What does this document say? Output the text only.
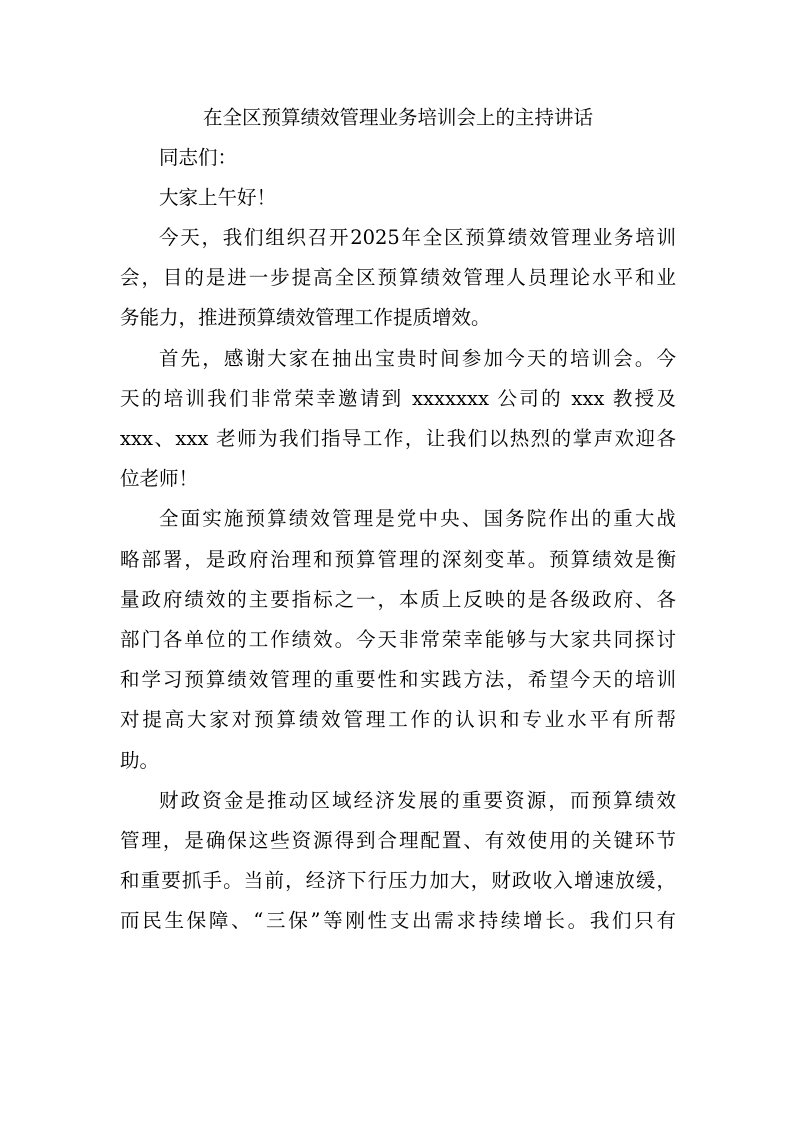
在全区预算绩效管理业务培训会上的主持讲话

同志们：

大家上午好！

今天，我们组织召开2025年全区预算绩效管理业务培训
会，目的是进一步提高全区预算绩效管理人员理论水平和业
务能力，推进预算绩效管理工作提质增效。

首先，感谢大家在抽出宝贵时间参加今天的培训会。今
天的培训我们非常荣幸邀请到 xxxxxxx 公司的 xxx 教授及
xxx、xxx 老师为我们指导工作，让我们以热烈的掌声欢迎各
位老师！

全面实施预算绩效管理是党中央、国务院作出的重大战
略部署，是政府治理和预算管理的深刻变革。预算绩效是衡
量政府绩效的主要指标之一，本质上反映的是各级政府、各
部门各单位的工作绩效。今天非常荣幸能够与大家共同探讨
和学习预算绩效管理的重要性和实践方法，希望今天的培训
对提高大家对预算绩效管理工作的认识和专业水平有所帮
助。

财政资金是推动区域经济发展的重要资源，而预算绩效
管理，是确保这些资源得到合理配置、有效使用的关键环节
和重要抓手。当前，经济下行压力加大，财政收入增速放缓，
而民生保障、“三保”等刚性支出需求持续增长。我们只有
